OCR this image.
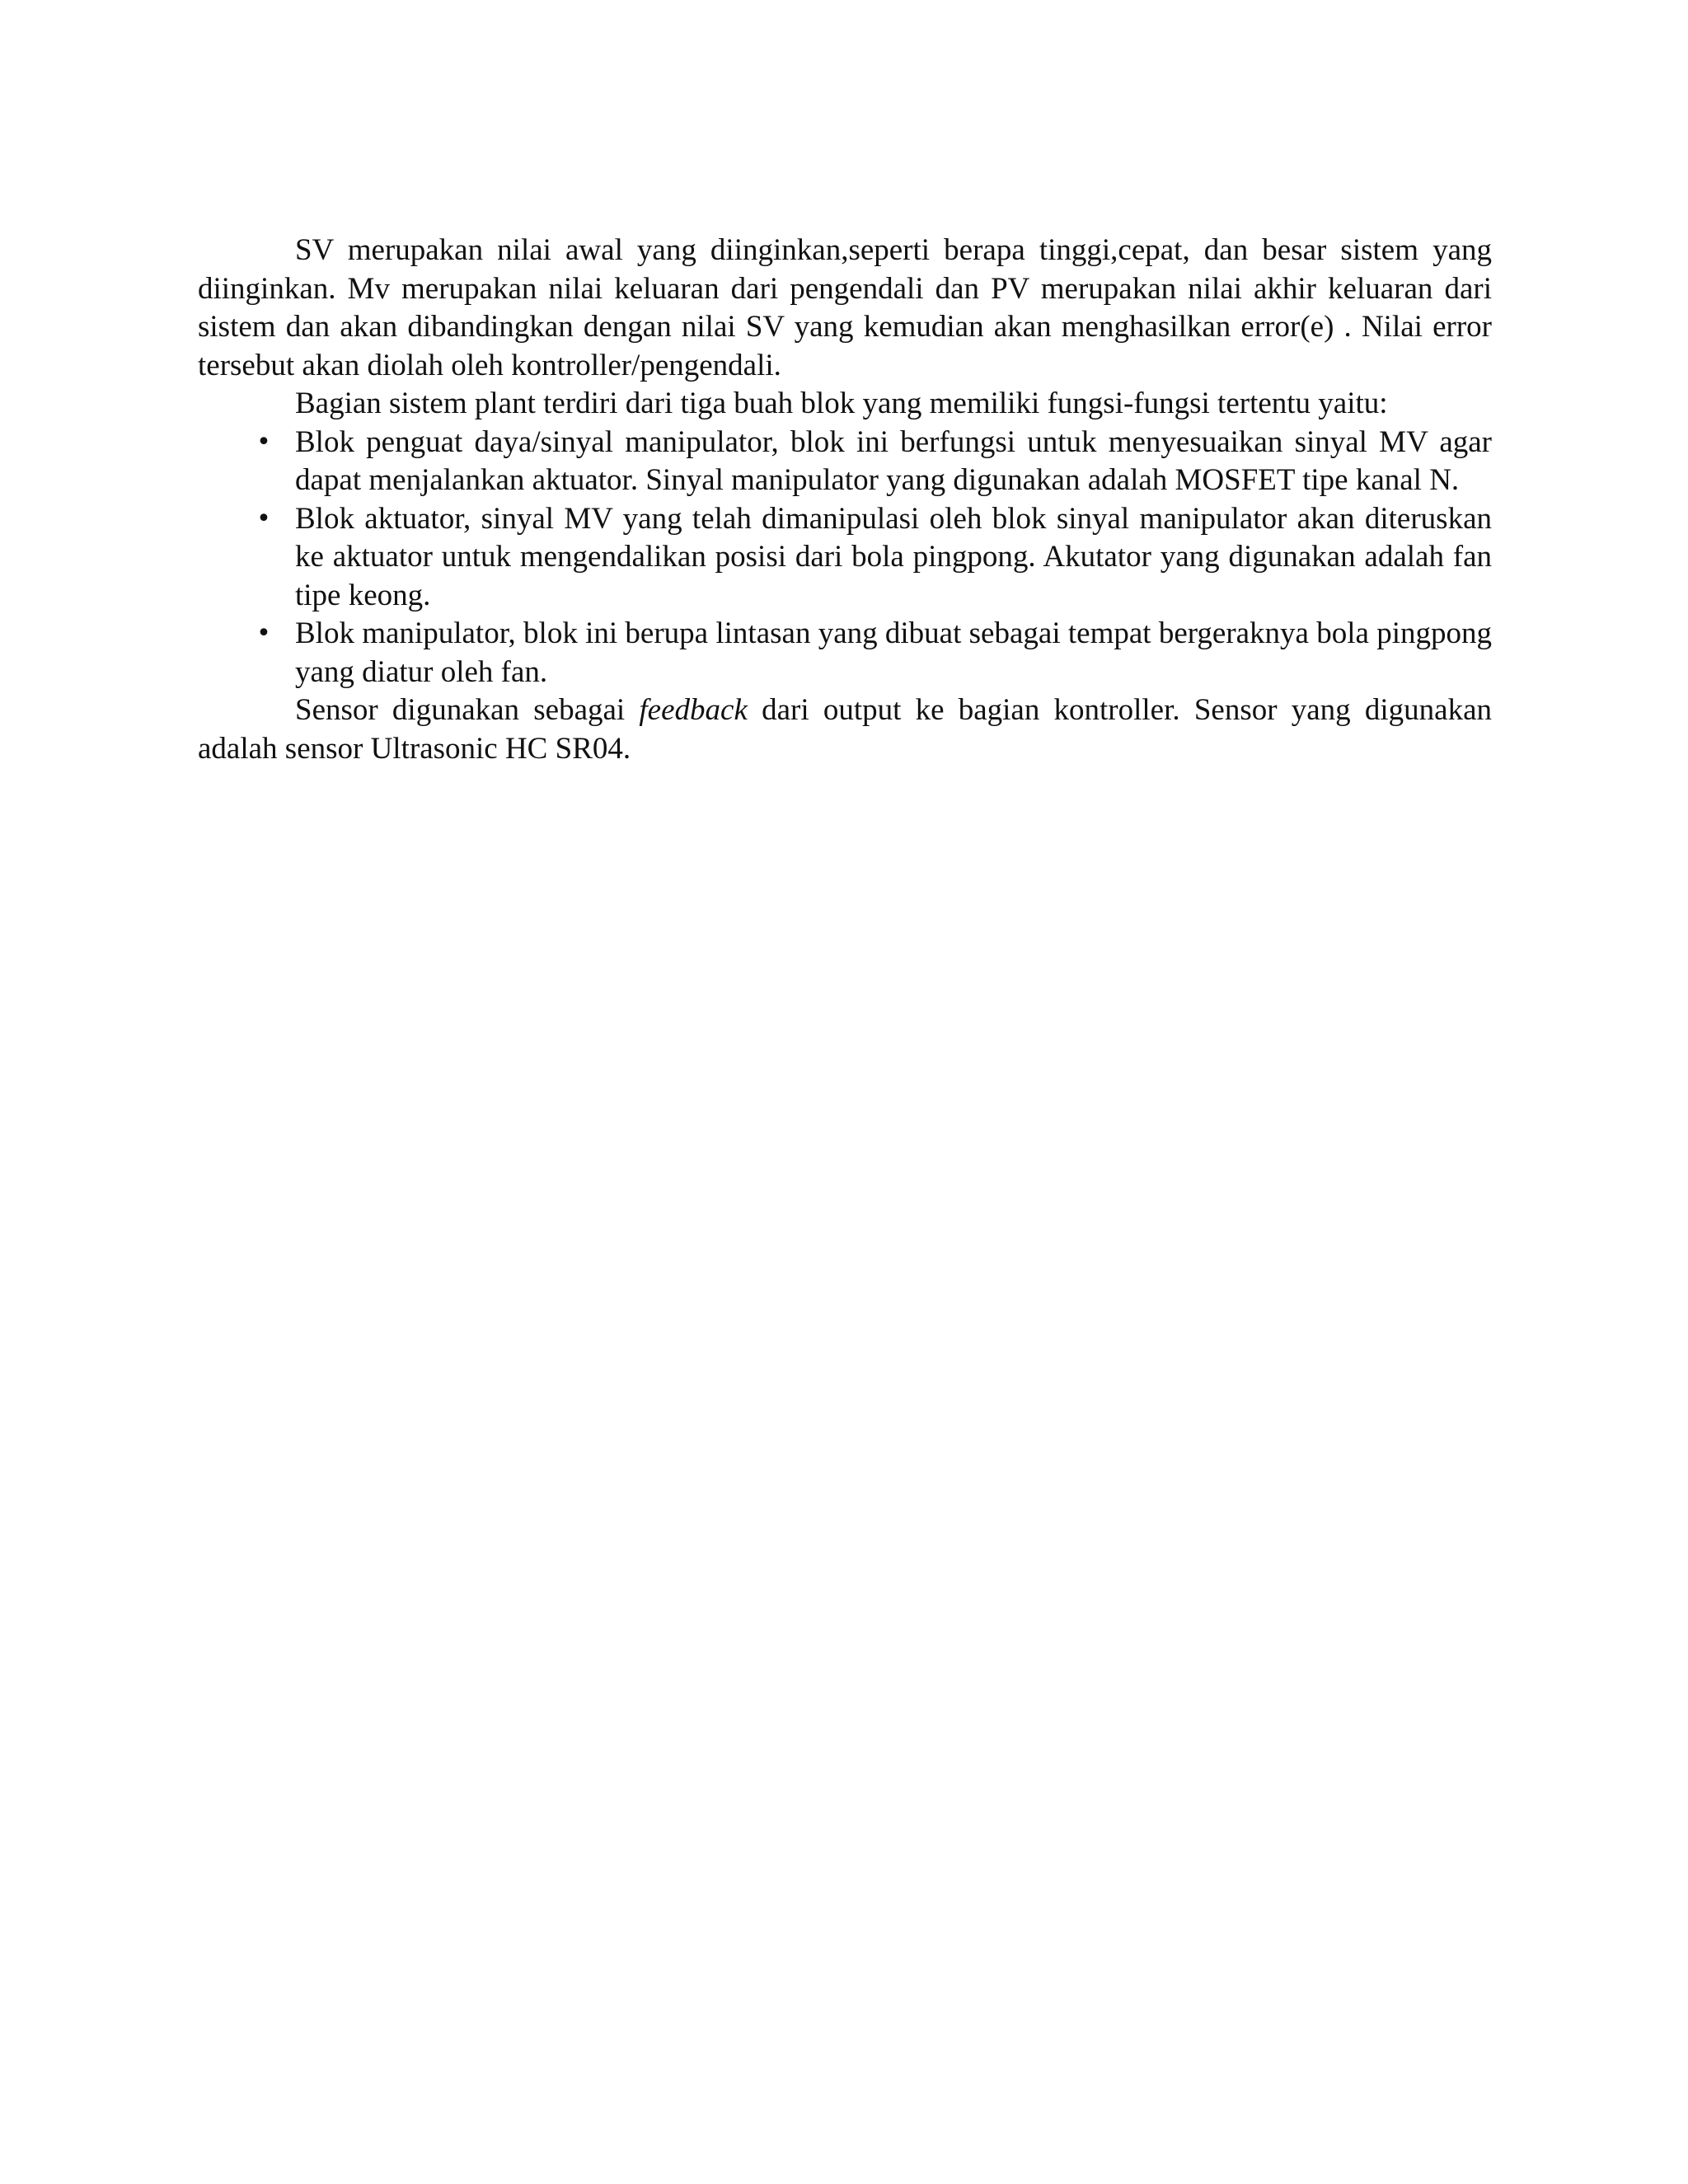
SV merupakan nilai awal yang diinginkan,seperti berapa tinggi,cepat, dan besar sistem yang diinginkan. Mv merupakan nilai keluaran dari pengendali dan PV merupakan nilai akhir keluaran dari sistem dan akan dibandingkan dengan nilai SV yang kemudian akan menghasilkan error(e) . Nilai error tersebut akan diolah oleh kontroller/pengendali.

Bagian sistem plant terdiri dari tiga buah blok yang memiliki fungsi-fungsi tertentu yaitu:

• Blok penguat daya/sinyal manipulator, blok ini berfungsi untuk menyesuaikan sinyal MV agar dapat menjalankan aktuator. Sinyal manipulator yang digunakan adalah MOSFET tipe kanal N.
• Blok aktuator, sinyal MV yang telah dimanipulasi oleh blok sinyal manipulator akan diteruskan ke aktuator untuk mengendalikan posisi dari bola pingpong. Akutator yang digunakan adalah fan tipe keong.
• Blok manipulator, blok ini berupa lintasan yang dibuat sebagai tempat bergeraknya bola pingpong yang diatur oleh fan.

Sensor digunakan sebagai feedback dari output ke bagian kontroller. Sensor yang digunakan adalah sensor Ultrasonic HC SR04.
